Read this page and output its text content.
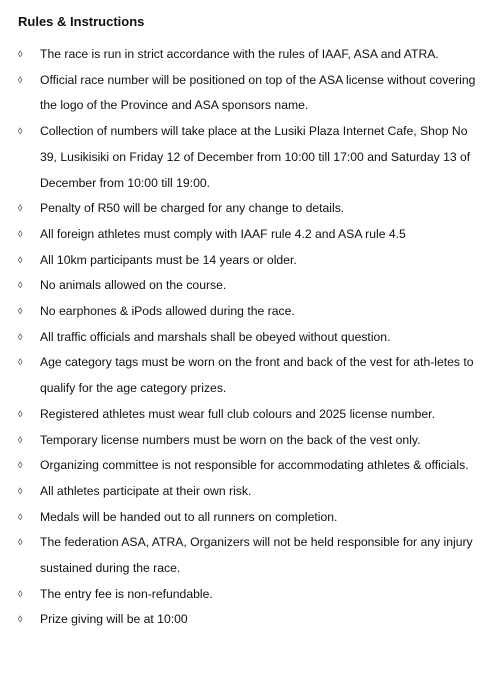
Rules & Instructions
◊	The race is run in strict accordance with the rules of IAAF, ASA and ATRA.
◊	Official race number will be positioned on top of the ASA license without covering the logo of the Province and ASA sponsors name.
◊	Collection of numbers will take place at the Lusiki Plaza Internet Cafe, Shop No 39, Lusikisiki on Friday 12 of December from 10:00 till 17:00 and Saturday 13 of December from 10:00 till 19:00.
◊	Penalty of R50 will be charged for any change to details.
◊	All foreign athletes must comply with IAAF rule 4.2 and ASA rule 4.5
◊	All 10km participants must be 14 years or older.
◊	No animals allowed on the course.
◊	No earphones & iPods allowed during the race.
◊	All traffic officials and marshals shall be obeyed without question.
◊	Age category tags must be worn on the front and back of the vest for ath-letes to qualify for the age category prizes.
◊	Registered athletes must wear full club colours and 2025 license number.
◊	Temporary license numbers must be worn on the back of the vest only.
◊	Organizing committee is not responsible for accommodating athletes & officials.
◊	All athletes participate at their own risk.
◊	Medals will be handed out to all runners on completion.
◊	The federation ASA, ATRA, Organizers will not be held responsible for any injury sustained during the race.
◊	The entry fee is non-refundable.
◊	Prize giving will be at 10:00
